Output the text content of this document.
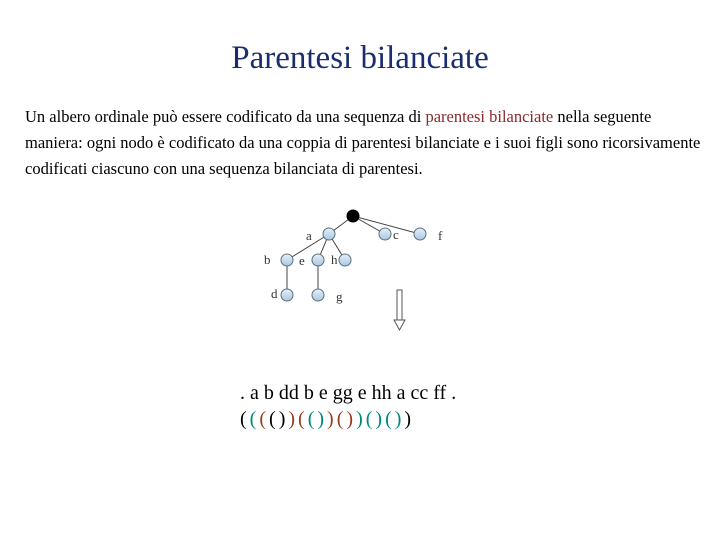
Parentesi bilanciate
Un albero ordinale può essere codificato da una sequenza di parentesi bilanciate nella seguente maniera: ogni nodo è codificato da una coppia di parentesi bilanciate e i suoi figli sono ricorsivamente codificati ciascuno con una sequenza bilanciata di parentesi.
a	c	f
b e h
d	g
. a b dd b e gg e hh a cc ff .
( ( ( ( ) ) ( ( ) ) ( ) ) ( ) ( ) )
